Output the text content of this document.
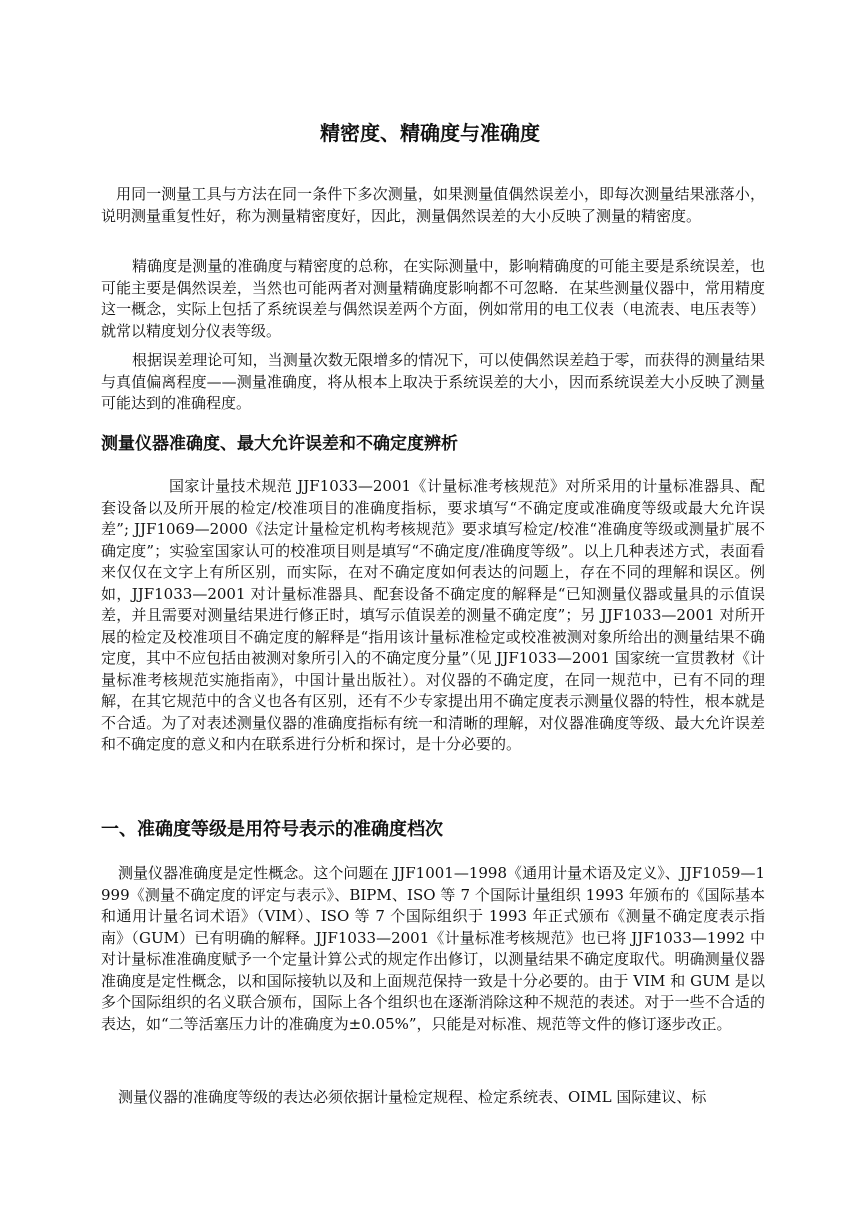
精密度、精确度与准确度

用同一测量工具与方法在同一条件下多次测量，如果测量值偶然误差小，即每次测量结果涨落小，说明测量重复性好，称为测量精密度好，因此，测量偶然误差的大小反映了测量的精密度。

精确度是测量的准确度与精密度的总称，在实际测量中，影响精确度的可能主要是系统误差，也可能主要是偶然误差，当然也可能两者对测量精确度影响都不可忽略．在某些测量仪器中，常用精度这一概念，实际上包括了系统误差与偶然误差两个方面，例如常用的电工仪表（电流表、电压表等）就常以精度划分仪表等级。

根据误差理论可知，当测量次数无限增多的情况下，可以使偶然误差趋于零，而获得的测量结果与真值偏离程度——测量准确度，将从根本上取决于系统误差的大小，因而系统误差大小反映了测量可能达到的准确程度。

测量仪器准确度、最大允许误差和不确定度辨析

国家计量技术规范 JJF1033—2001《计量标准考核规范》对所采用的计量标准器具、配套设备以及所开展的检定/校准项目的准确度指标，要求填写“不确定度或准确度等级或最大允许误差”; JJF1069—2000《法定计量检定机构考核规范》要求填写检定/校准“准确度等级或测量扩展不确定度”；实验室国家认可的校准项目则是填写“不确定度/准确度等级”。以上几种表述方式，表面看来仅仅在文字上有所区别，而实际，在对不确定度如何表达的问题上，存在不同的理解和误区。例如，JJF1033—2001 对计量标准器具、配套设备不确定度的解释是“已知测量仪器或量具的示值误差，并且需要对测量结果进行修正时，填写示值误差的测量不确定度”；另 JJF1033—2001 对所开展的检定及校准项目不确定度的解释是“指用该计量标准检定或校准被测对象所给出的测量结果不确定度，其中不应包括由被测对象所引入的不确定度分量”（见 JJF1033—2001 国家统一宣贯教材《计量标准考核规范实施指南》，中国计量出版社）。对仪器的不确定度，在同一规范中，已有不同的理解，在其它规范中的含义也各有区别，还有不少专家提出用不确定度表示测量仪器的特性，根本就是不合适。为了对表述测量仪器的准确度指标有统一和清晰的理解，对仪器准确度等级、最大允许误差和不确定度的意义和内在联系进行分析和探讨，是十分必要的。

一、准确度等级是用符号表示的准确度档次

测量仪器准确度是定性概念。这个问题在 JJF1001—1998《通用计量术语及定义》、JJF1059—1999《测量不确定度的评定与表示》、BIPM、ISO 等 7 个国际计量组织 1993 年颁布的《国际基本和通用计量名词术语》（VIM）、ISO 等 7 个国际组织于 1993 年正式颁布《测量不确定度表示指南》（GUM）已有明确的解释。JJF1033—2001《计量标准考核规范》也已将 JJF1033—1992 中对计量标准准确度赋予一个定量计算公式的规定作出修订，以测量结果不确定度取代。明确测量仪器准确度是定性概念，以和国际接轨以及和上面规范保持一致是十分必要的。由于 VIM 和 GUM 是以多个国际组织的名义联合颁布，国际上各个组织也在逐渐消除这种不规范的表述。对于一些不合适的表达，如“二等活塞压力计的准确度为±0.05%”，只能是对标准、规范等文件的修订逐步改正。

测量仪器的准确度等级的表达必须依据计量检定规程、检定系统表、OIML 国际建议、标
